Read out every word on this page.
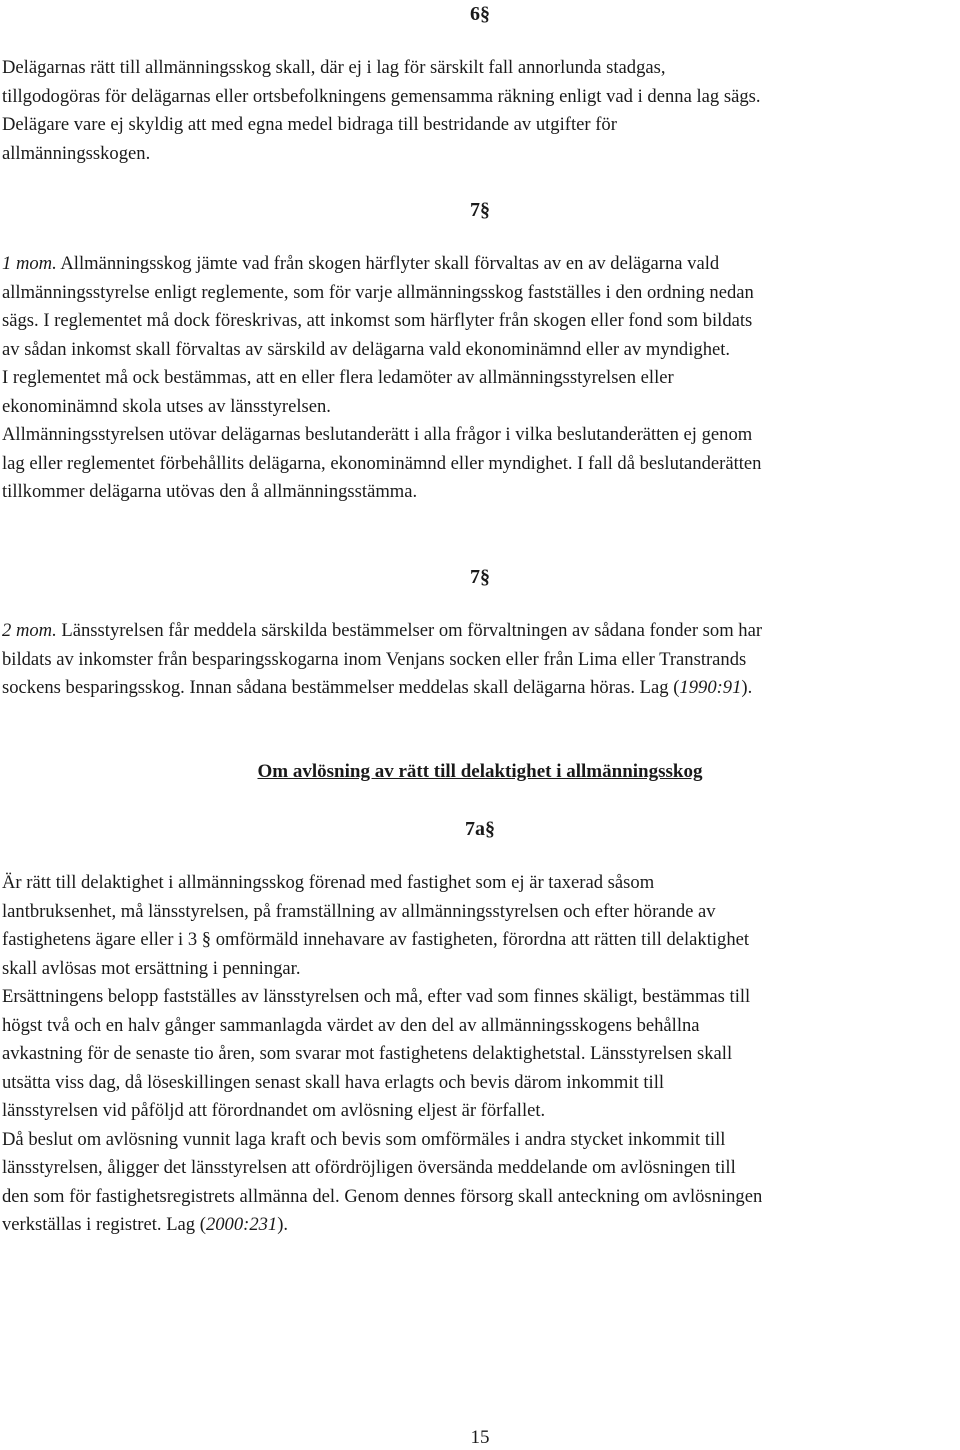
6§
Delägarnas rätt till allmänningsskog skall, där ej i lag för särskilt fall annorlunda stadgas,
tillgodogöras för delägarnas eller ortsbefolkningens gemensamma räkning enligt vad i denna lag sägs.
Delägare vare ej skyldig att med egna medel bidraga till bestridande av utgifter för
allmänningsskogen.
7§
1 mom. Allmänningsskog jämte vad från skogen härflyter skall förvaltas av en av delägarna vald
allmänningsstyrelse enligt reglemente, som för varje allmänningsskog fastställes i den ordning nedan
sägs. I reglementet må dock föreskrivas, att inkomst som härflyter från skogen eller fond som bildats
av sådan inkomst skall förvaltas av särskild av delägarna vald ekonominämnd eller av myndighet.
I reglementet må ock bestämmas, att en eller flera ledamöter av allmänningsstyrelsen eller
ekonominämnd skola utses av länsstyrelsen.
Allmänningsstyrelsen utövar delägarnas beslutanderätt i alla frågor i vilka beslutanderätten ej genom
lag eller reglementet förbehållits delägarna, ekonominämnd eller myndighet. I fall då beslutanderätten
tillkommer delägarna utövas den å allmänningsstämma.
7§
2 mom. Länsstyrelsen får meddela särskilda bestämmelser om förvaltningen av sådana fonder som har
bildats av inkomster från besparingsskogarna inom Venjans socken eller från Lima eller Transtrands
sockens besparingsskog. Innan sådana bestämmelser meddelas skall delägarna höras. Lag (1990:91).
Om avlösning av rätt till delaktighet i allmänningsskog
7a§
Är rätt till delaktighet i allmänningsskog förenad med fastighet som ej är taxerad såsom
lantbruksenhet, må länsstyrelsen, på framställning av allmänningsstyrelsen och efter hörande av
fastighetens ägare eller i 3 § omförmäld innehavare av fastigheten, förordna att rätten till delaktighet
skall avlösas mot ersättning i penningar.
Ersättningens belopp fastställes av länsstyrelsen och må, efter vad som finnes skäligt, bestämmas till
högst två och en halv gånger sammanlagda värdet av den del av allmänningsskogens behållna
avkastning för de senaste tio åren, som svarar mot fastighetens delaktighetstal. Länsstyrelsen skall
utsätta viss dag, då löseskillingen senast skall hava erlagts och bevis därom inkommit till
länsstyrelsen vid påföljd att förordnandet om avlösning eljest är förfallet.
Då beslut om avlösning vunnit laga kraft och bevis som omförmäles i andra stycket inkommit till
länsstyrelsen, åligger det länsstyrelsen att ofördröjligen översända meddelande om avlösningen till
den som för fastighetsregistrets allmänna del. Genom dennes försorg skall anteckning om avlösningen
verkställas i registret. Lag (2000:231).
15
